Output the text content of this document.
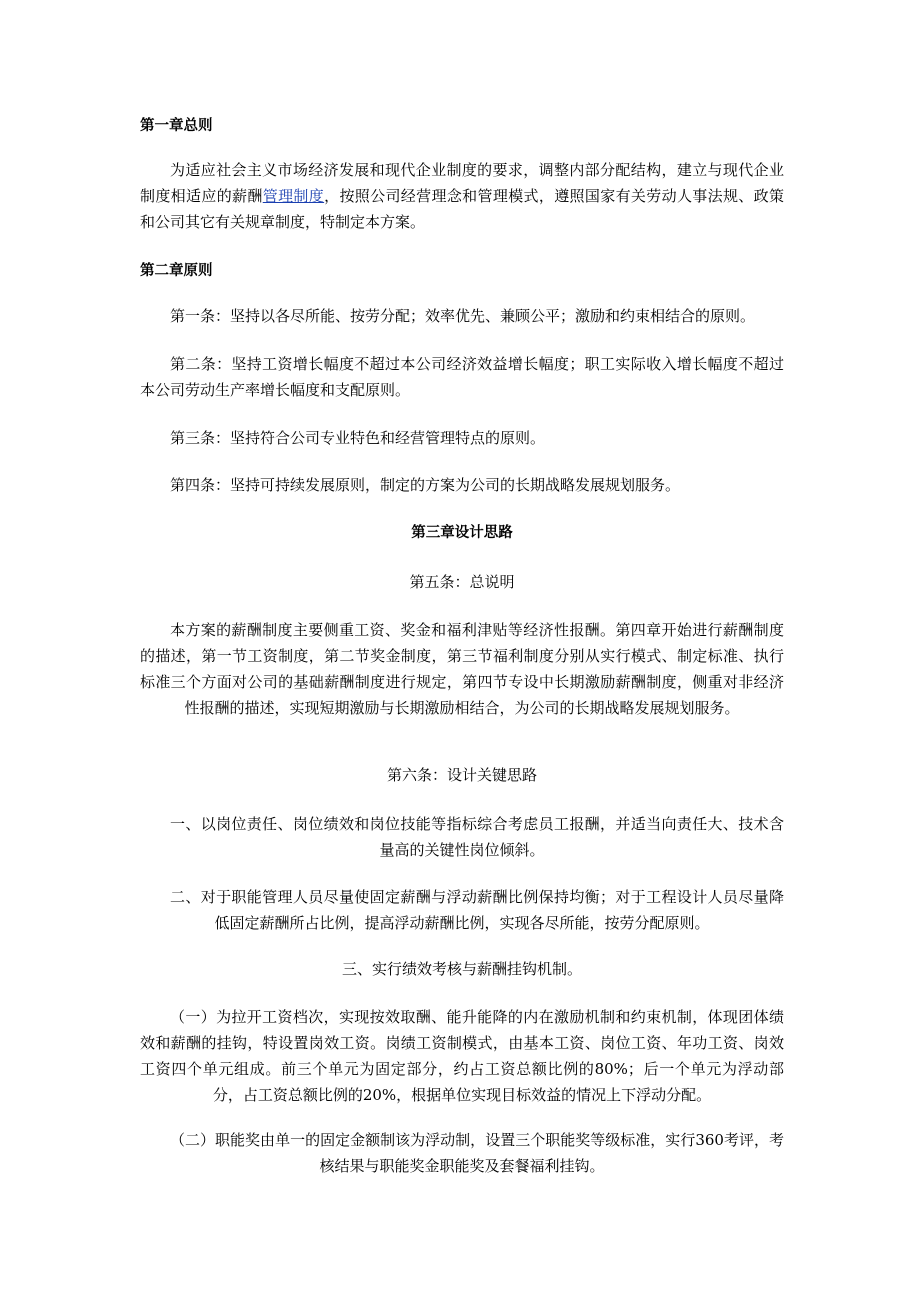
第一章总则

为适应社会主义市场经济发展和现代企业制度的要求，调整内部分配结构，建立与现代企业制度相适应的薪酬管理制度，按照公司经营理念和管理模式，遵照国家有关劳动人事法规、政策和公司其它有关规章制度，特制定本方案。

第二章原则

第一条：坚持以各尽所能、按劳分配；效率优先、兼顾公平；激励和约束相结合的原则。

第二条：坚持工资增长幅度不超过本公司经济效益增长幅度；职工实际收入增长幅度不超过本公司劳动生产率增长幅度和支配原则。

第三条：坚持符合公司专业特色和经营管理特点的原则。

第四条：坚持可持续发展原则，制定的方案为公司的长期战略发展规划服务。

第三章设计思路

第五条：总说明

本方案的薪酬制度主要侧重工资、奖金和福利津贴等经济性报酬。第四章开始进行薪酬制度的描述，第一节工资制度，第二节奖金制度，第三节福利制度分别从实行模式、制定标准、执行标准三个方面对公司的基础薪酬制度进行规定，第四节专设中长期激励薪酬制度，侧重对非经济性报酬的描述，实现短期激励与长期激励相结合，为公司的长期战略发展规划服务。

第六条：设计关键思路

一、以岗位责任、岗位绩效和岗位技能等指标综合考虑员工报酬，并适当向责任大、技术含量高的关键性岗位倾斜。

二、对于职能管理人员尽量使固定薪酬与浮动薪酬比例保持均衡；对于工程设计人员尽量降低固定薪酬所占比例，提高浮动薪酬比例，实现各尽所能，按劳分配原则。

三、实行绩效考核与薪酬挂钩机制。

（一）为拉开工资档次，实现按效取酬、能升能降的内在激励机制和约束机制，体现团体绩效和薪酬的挂钩，特设置岗效工资。岗绩工资制模式，由基本工资、岗位工资、年功工资、岗效工资四个单元组成。前三个单元为固定部分，约占工资总额比例的80%；后一个单元为浮动部分，占工资总额比例的20%，根据单位实现目标效益的情况上下浮动分配。

（二）职能奖由单一的固定金额制该为浮动制，设置三个职能奖等级标准，实行360考评，考核结果与职能奖金职能奖及套餐福利挂钩。
